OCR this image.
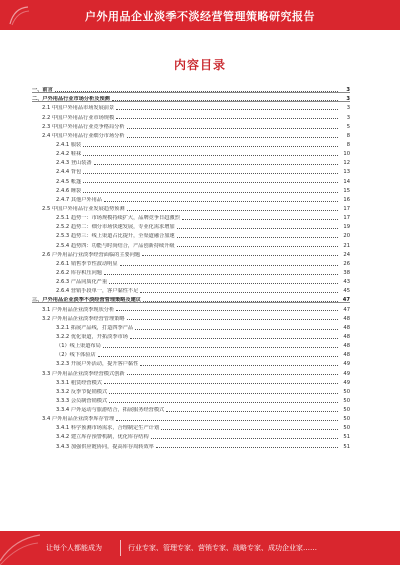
户外用品企业淡季不淡经营管理策略研究报告
内容目录
一、前言	3
二、户外用品行业市场分析及预测	3
2.1 中国户外用品市场发展前景	3
2.2 中国户外用品行业市场规模	3
2.3 中国户外用品行业竞争格局分析	5
2.4 中国户外用品行业细分市场分析	8
2.4.1 服装	8
2.4.2 鞋袜	10
2.4.3 登山装备	12
2.4.4 背包	13
2.4.5 帐篷	14
2.4.6 睡袋	15
2.4.7 其他户外用品	16
2.5 中国户外用品行业发展趋势预测	17
2.5.1 趋势一：市场规模持续扩大，品牌竞争日趋激烈	17
2.5.2 趋势二：细分市场快速发展，专业化需求增加	19
2.5.3 趋势三：线上渠道占比提升，全渠道融合加速	20
2.5.4 趋势四：功能与时尚结合，产品创新持续升级	21
2.6 户外用品行业淡季经营面临的主要问题	24
2.6.1 销售季节性波动明显	26
2.6.2 库存积压问题	38
2.6.3 产品同质化严重	43
2.6.4 营销手段单一，客户黏性不足	45
三、户外用品企业淡季不淡经营管理策略及建议	47
3.1 户外用品企业淡季现状分析	47
3.2 户外用品企业淡季经营管理策略	48
3.2.1 拓展产品线，打造四季产品	48
3.2.2 优化渠道，开拓淡季市场	48
（1）线上渠道布局	48
（2）线下体验店	48
3.2.3 开展户外活动，提升客户黏性	49
3.3 户外用品企业淡季经营模式创新	49
3.3.1 租赁经营模式	49
3.3.2 反季节促销模式	50
3.3.3 会员制营销模式	50
3.3.4 户外运动与旅游结合，拓展服务经营模式	50
3.4 户外用品企业淡季库存管理	50
3.4.1 科学预测市场需求，合理制定生产计划	50
3.4.2 建立库存预警机制，优化库存结构	51
3.4.3 加强供应链协同，提高库存周转效率	51
让每个人都能成为	行业专家、管理专家、营销专家、战略专家、成功企业家……
